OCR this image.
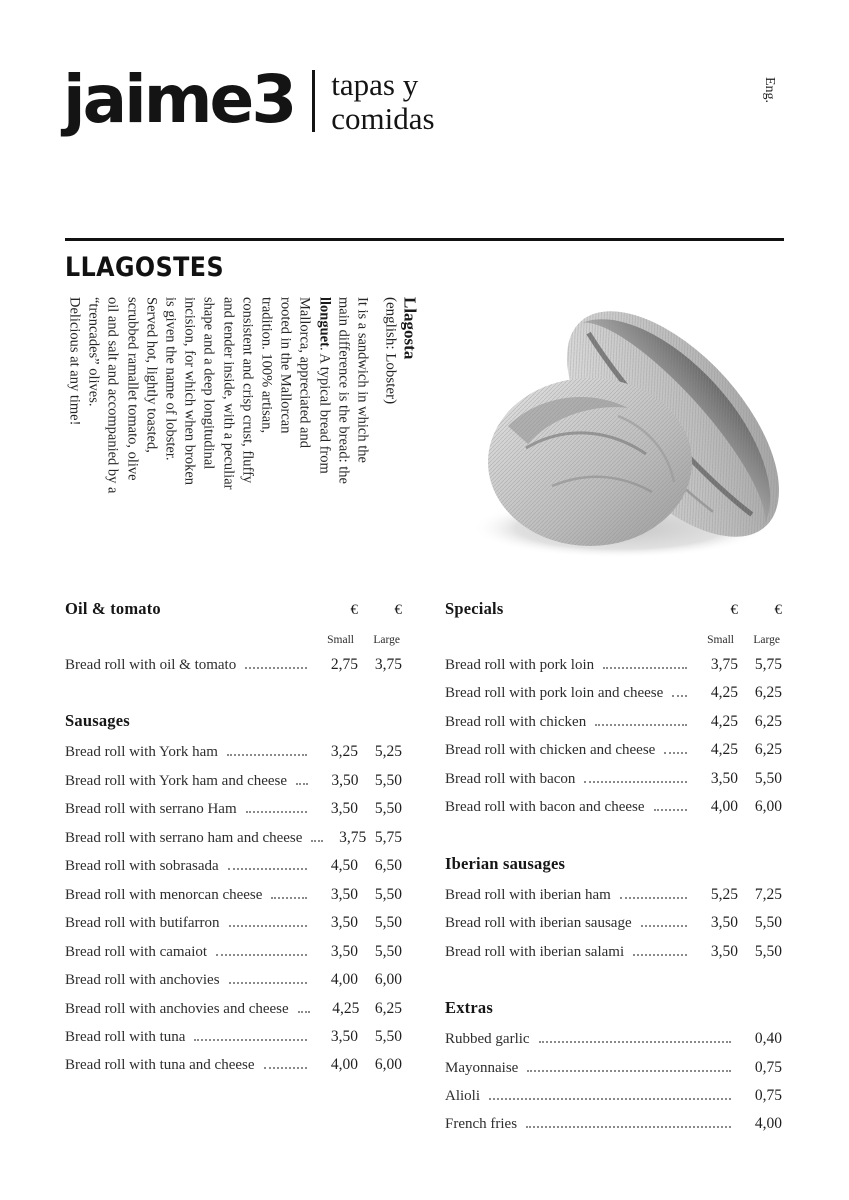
jaime3 tapas y
comidas
Eng.
LLAGOSTES
Llagosta
(english: Lobster)
It is a sandwich in which the
main difference is the bread: the
llonguet. A typical bread from
Mallorca, appreciated and
rooted in the Mallorcan
tradition. 100% artisan,
consistent and crisp crust, fluffy
and tender inside, with a peculiar
shape and a deep longitudinal
incision, for which when broken
is given the name of lobster.
Served hot, lightly toasted,
scrubbed ramallet tomato, olive
oil and salt and accompanied by a
“trencades” olives.
Delicious at any time!
Oil & tomato	€	€
Small	Large
Bread roll with oil & tomato	2,75	3,75
Sausages
Bread roll with York ham	3,25	5,25
Bread roll with York ham and cheese	3,50	5,50
Bread roll with serrano Ham	3,50	5,50
Bread roll with serrano ham and cheese	3,75 5,75
Bread roll with sobrasada	4,50	6,50
Bread roll with menorcan cheese	3,50	5,50
Bread roll with butifarron	3,50	5,50
Bread roll with camaiot	3,50	5,50
Bread roll with anchovies	4,00	6,00
Bread roll with anchovies and cheese	4,25	6,25
Bread roll with tuna	3,50	5,50
Bread roll with tuna and cheese	4,00	6,00
Specials	€	€
Small	Large
Bread roll with pork loin	3,75	5,75
Bread roll with pork loin and cheese	4,25	6,25
Bread roll with chicken	4,25	6,25
Bread roll with chicken and cheese	4,25	6,25
Bread roll with bacon	3,50	5,50
Bread roll with bacon and cheese	4,00	6,00
Iberian sausages
Bread roll with iberian ham	5,25	7,25
Bread roll with iberian sausage	3,50	5,50
Bread roll with iberian salami	3,50	5,50
Extras
Rubbed garlic	0,40
Mayonnaise	0,75
Alioli	0,75
French fries	4,00
